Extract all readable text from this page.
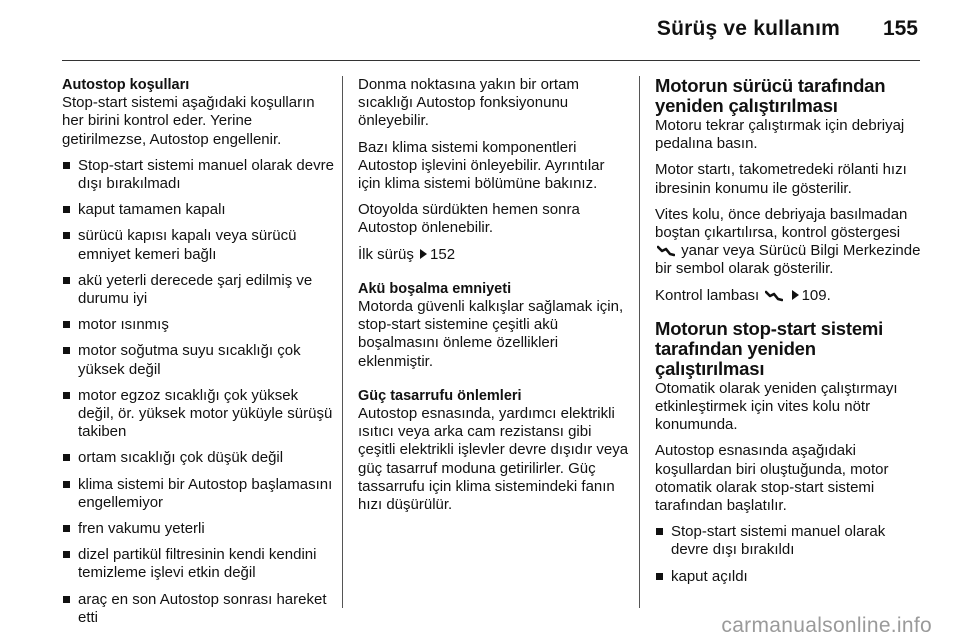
Sürüş ve kullanım 155
Autostop koşulları

Stop-start sistemi aşağıdaki koşulların her birini kontrol eder. Yerine getirilmezse, Autostop engellenir.

Stop-start sistemi manuel olarak devre dışı bırakılmadı
kaput tamamen kapalı
sürücü kapısı kapalı veya sürücü emniyet kemeri bağlı
akü yeterli derecede şarj edilmiş ve durumu iyi
motor ısınmış
motor soğutma suyu sıcaklığı çok yüksek değil
motor egzoz sıcaklığı çok yüksek değil, ör. yüksek motor yüküyle sürüşü takiben
ortam sıcaklığı çok düşük değil
klima sistemi bir Autostop başlamasını engellemiyor
fren vakumu yeterli
dizel partikül filtresinin kendi kendini temizleme işlevi etkin değil
araç en son Autostop sonrası hareket etti

Donma noktasına yakın bir ortam sıcaklığı Autostop fonksiyonunu önleyebilir.

Bazı klima sistemi komponentleri Autostop işlevini önleyebilir. Ayrıntılar için klima sistemi bölümüne bakınız.

Otoyolda sürdükten hemen sonra Autostop önlenebilir.

İlk sürüş 152

Akü boşalma emniyeti

Motorda güvenli kalkışlar sağlamak için, stop-start sistemine çeşitli akü boşalmasını önleme özellikleri eklenmiştir.

Güç tasarrufu önlemleri

Autostop esnasında, yardımcı elektrikli ısıtıcı veya arka cam rezistansı gibi çeşitli elektrikli işlevler devre dışıdır veya güç tasarruf moduna getirilirler. Güç tassarrufu için klima sistemindeki fanın hızı düşürülür.

Motorun sürücü tarafından yeniden çalıştırılması

Motoru tekrar çalıştırmak için debriyaj pedalına basın.

Motor startı, takometredeki rölanti hızı ibresinin konumu ile gösterilir.

Vites kolu, önce debriyaja basılmadan boştan çıkartılırsa, kontrol göstergesi  yanar veya Sürücü Bilgi Merkezinde bir sembol olarak gösterilir.

Kontrol lambası	109.

Motorun stop-start sistemi tarafından yeniden çalıştırılması

Otomatik olarak yeniden çalıştırmayı etkinleştirmek için vites kolu nötr konumunda.

Autostop esnasında aşağıdaki koşullardan biri oluştuğunda, motor otomatik olarak stop-start sistemi tarafından başlatılır.

Stop-start sistemi manuel olarak devre dışı bırakıldı
kaput açıldı
carmanualsonline.info
